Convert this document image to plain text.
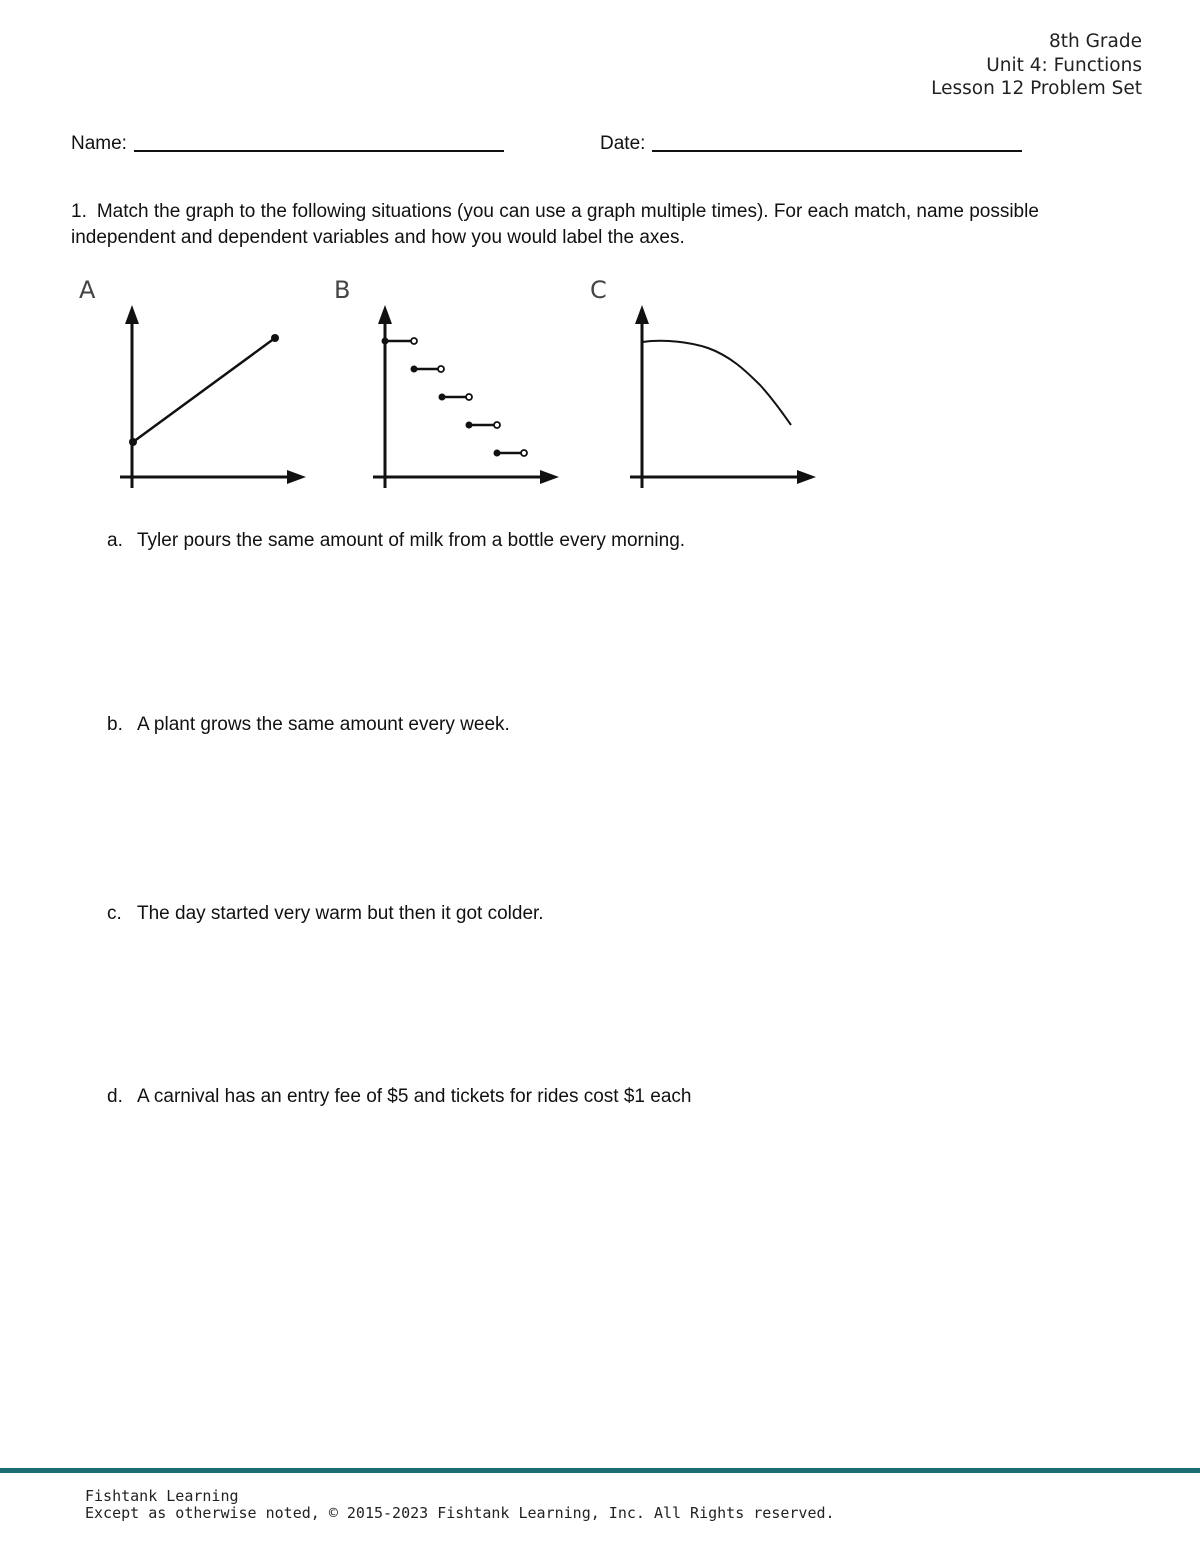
8th Grade
Unit 4: Functions
Lesson 12 Problem Set
Name:	Date:
1. Match the graph to the following situations (you can use a graph multiple times). For each match, name possible independent and dependent variables and how you would label the axes.
A	B	C
a. Tyler pours the same amount of milk from a bottle every morning.
b. A plant grows the same amount every week.
c. The day started very warm but then it got colder.
d. A carnival has an entry fee of $5 and tickets for rides cost $1 each
Fishtank Learning
Except as otherwise noted, © 2015-2023 Fishtank Learning, Inc. All Rights reserved.
